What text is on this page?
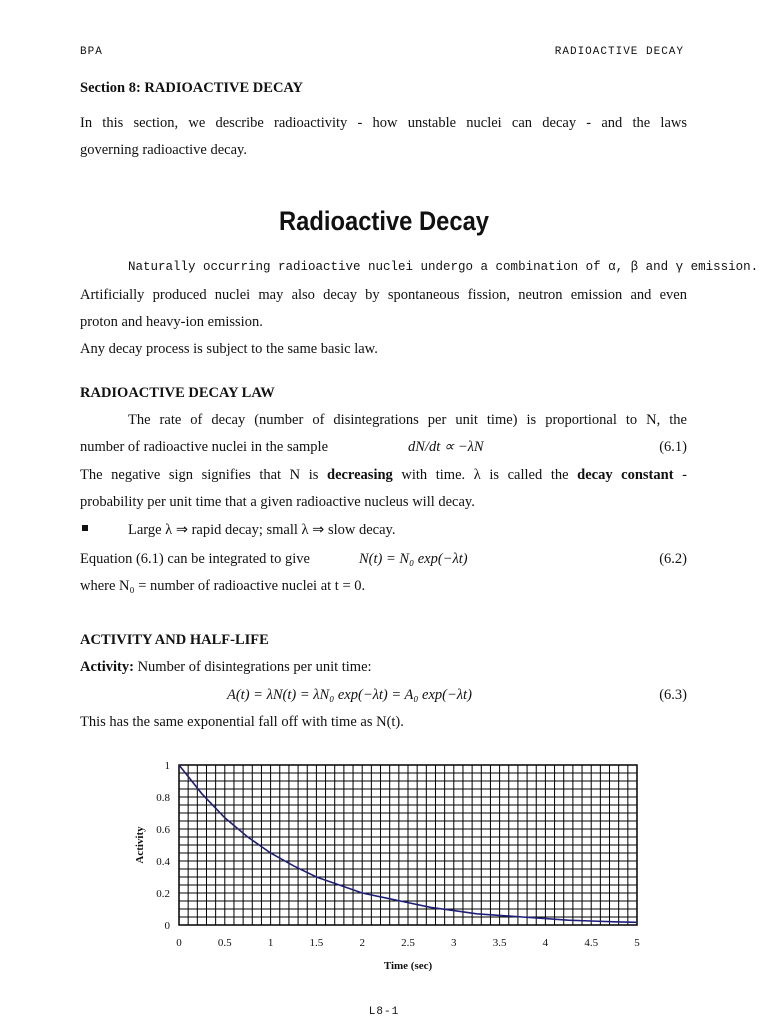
BPA	RADIOACTIVE DECAY
Section 8: RADIOACTIVE DECAY
In this section, we describe radioactivity - how unstable nuclei can decay - and the laws
governing radioactive decay.
Radioactive Decay
Naturally occurring radioactive nuclei undergo a combination of α, β and γ emission.
Artificially produced nuclei may also decay by spontaneous fission, neutron emission and even
proton and heavy-ion emission.
Any decay process is subject to the same basic law.
RADIOACTIVE DECAY LAW
The rate of decay (number of disintegrations per unit time) is proportional to N, the
number of radioactive nuclei in the sample	dN/dt ∝ −λN	(6.1)
The negative sign signifies that N is decreasing with time. λ is called the decay constant -
probability per unit time that a given radioactive nucleus will decay.
Large λ ⇒ rapid decay; small λ ⇒ slow decay.
Equation (6.1) can be integrated to give	N(t) = N₀ exp(−λt)	(6.2)
where N₀ = number of radioactive nuclei at t = 0.
ACTIVITY AND HALF-LIFE
Activity: Number of disintegrations per unit time:
A(t) = λN(t) = λN₀ exp(−λt) = A₀ exp(−λt)	(6.3)
This has the same exponential fall off with time as N(t).
0	0.5	1	1.5	2	2.5	3	3.5	4	4.5	5
0
0.2
0.4
0.6
0.8
1
Time (sec)
Activity
L8-1
